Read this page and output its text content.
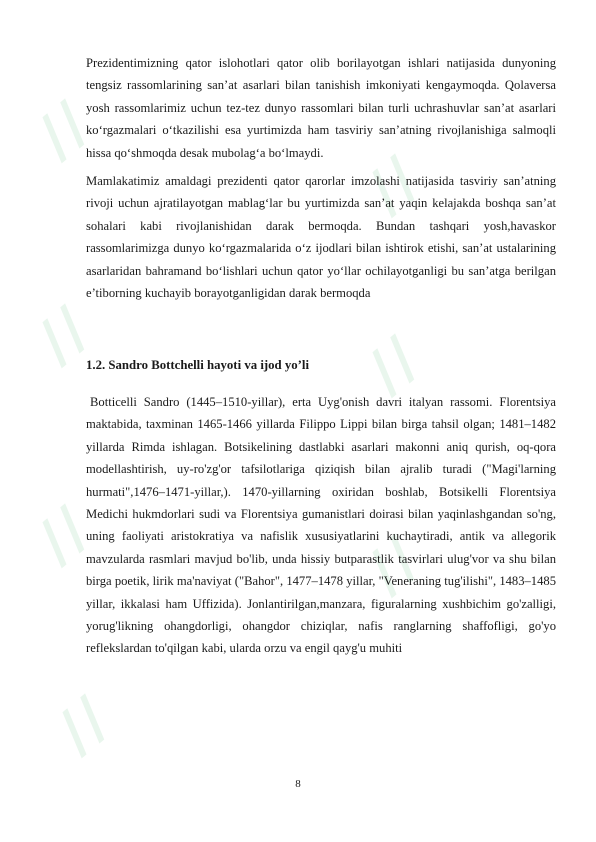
//
//
//	//
//	//
//

Prezidentimizning qator islohotlari qator olib borilayotgan ishlari natijasida dunyoning tengsiz rassomlarining san’at asarlari bilan tanishish imkoniyati kengaymoqda. Qolaversa yosh rassomlarimiz uchun tez-tez dunyo rassomlari bilan turli uchrashuvlar san’at asarlari ko‘rgazmalari o‘tkazilishi esa yurtimizda ham tasviriy san’atning rivojlanishiga salmoqli hissa qo‘shmoqda desak mubolag‘a bo‘lmaydi.

Mamlakatimiz amaldagi prezidenti qator qarorlar imzolashi natijasida tasviriy san’atning rivoji uchun ajratilayotgan mablag‘lar bu yurtimizda san’at yaqin kelajakda boshqa san’at sohalari kabi rivojlanishidan darak bermoqda. Bundan tashqari yosh,havaskor rassomlarimizga dunyo ko‘rgazmalarida o‘z ijodlari bilan ishtirok etishi, san’at ustalarining asarlaridan bahramand bo‘lishlari uchun qator yo‘llar ochilayotganligi bu san’atga berilgan e’tiborning kuchayib borayotganligidan darak bermoqda

1.2. Sandro Bottchelli hayoti va ijod yo’li

Botticelli Sandro (1445–1510-yillar), erta Uyg'onish davri italyan rassomi. Florentsiya maktabida, taxminan 1465-1466 yillarda Filippo Lippi bilan birga tahsil olgan; 1481–1482 yillarda Rimda ishlagan. Botsikelining dastlabki asarlari makonni aniq qurish, oq-qora modellashtirish, uy-ro'zg'or tafsilotlariga qiziqish bilan ajralib turadi ("Magi'larning hurmati",1476–1471-yillar,). 1470-yillarning oxiridan boshlab, Botsikelli Florentsiya Medichi hukmdorlari sudi va Florentsiya gumanistlari doirasi bilan yaqinlashgandan so'ng, uning faoliyati aristokratiya va nafislik xususiyatlarini kuchaytiradi, antik va allegorik mavzularda rasmlari mavjud bo'lib, unda hissiy butparastlik tasvirlari ulug'vor va shu bilan birga poetik, lirik ma'naviyat ("Bahor", 1477–1478 yillar, "Veneraning tug'ilishi", 1483–1485 yillar, ikkalasi ham Uffizida). Jonlantirilgan,manzara, figuralarning xushbichim go'zalligi, yorug'likning ohangdorligi, ohangdor chiziqlar, nafis ranglarning shaffofligi, go'yo reflekslardan to'qilgan kabi, ularda orzu va engil qayg'u muhiti

8
